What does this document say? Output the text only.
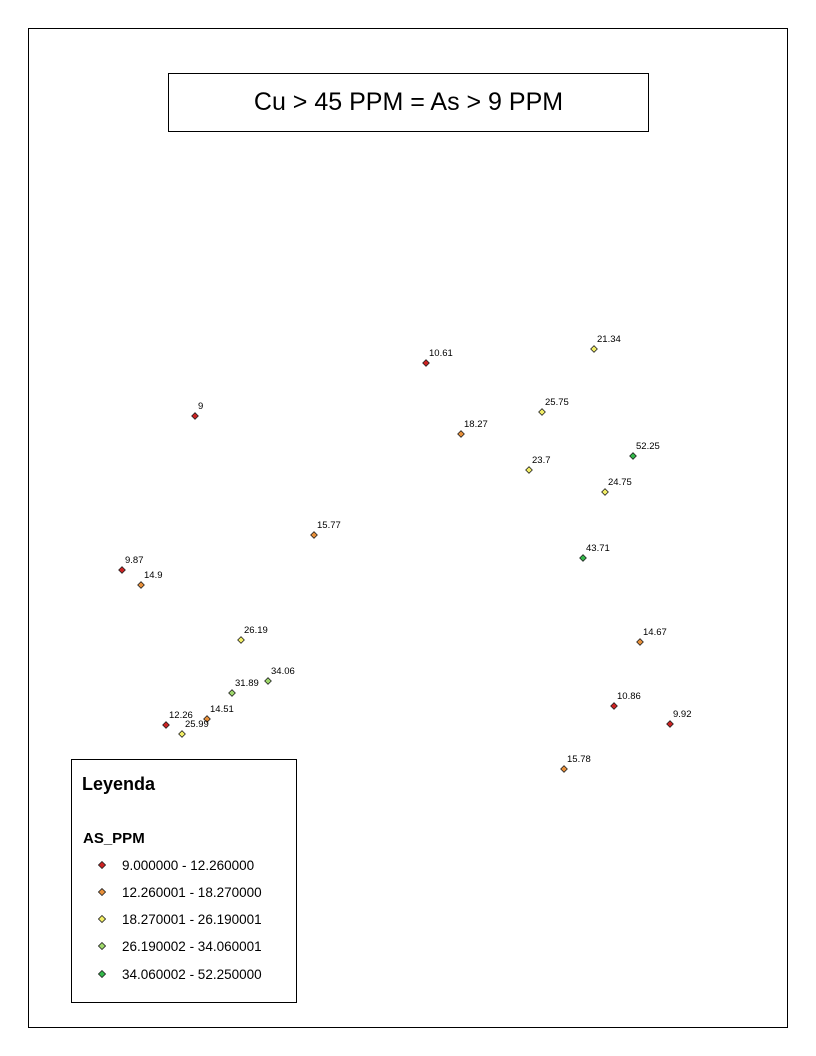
Cu > 45 PPM = As > 9 PPM
10.61
21.34
9	25.75
18.27
52.25
23.7
24.75
15.77
43.71
9.87
14.9
26.19	14.67
34.06
31.89
14.51
10.86
9.92
12.26
25.99
15.78
Leyenda
AS_PPM
9.000000 - 12.260000
12.260001 - 18.270000
18.270001 - 26.190001
26.190002 - 34.060001
34.060002 - 52.250000
